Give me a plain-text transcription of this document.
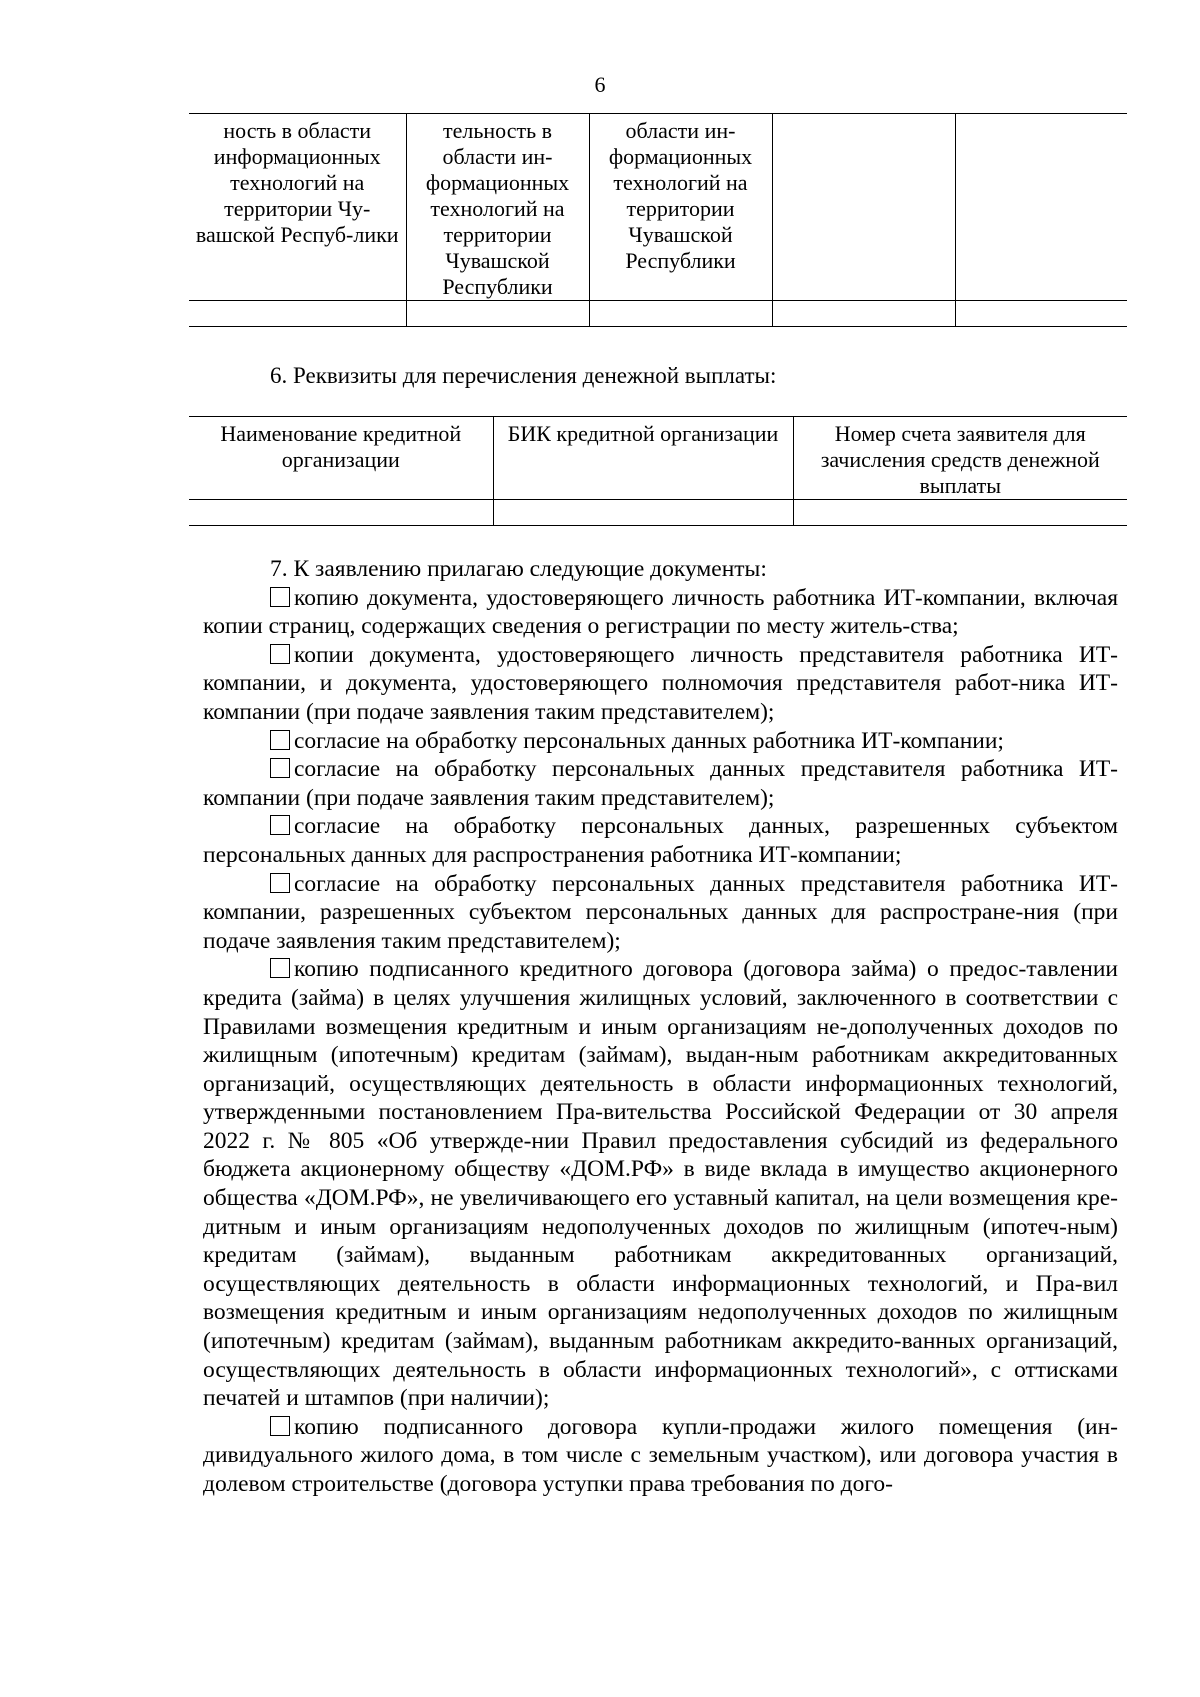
6
ность в области информационных технологий на территории Чу-вашской Респуб-лики	тельность в области ин-формационных технологий на территории Чувашской Республики	области ин-формационных технологий на территории Чувашской Республики		

6. Реквизиты для перечисления денежной выплаты:
Наименование кредитной организации	БИК кредитной организации	Номер счета заявителя для зачисления средств денежной выплаты

7. К заявлению прилагаю следующие документы:

копию документа, удостоверяющего личность работника ИТ-компании, включая копии страниц, содержащих сведения о регистрации по месту житель-ства;

копии документа, удостоверяющего личность представителя работника ИТ-компании, и документа, удостоверяющего полномочия представителя работ-ника ИТ-компании (при подаче заявления таким представителем);

согласие на обработку персональных данных работника ИТ-компании;

согласие на обработку персональных данных представителя работника ИТ-компании (при подаче заявления таким представителем);

согласие на обработку персональных данных, разрешенных субъектом персональных данных для распространения работника ИТ-компании;

согласие на обработку персональных данных представителя работника ИТ-компании, разрешенных субъектом персональных данных для распростране-ния (при подаче заявления таким представителем);

копию подписанного кредитного договора (договора займа) о предос-тавлении кредита (займа) в целях улучшения жилищных условий, заключенного в соответствии с Правилами возмещения кредитным и иным организациям не-дополученных доходов по жилищным (ипотечным) кредитам (займам), выдан-ным работникам аккредитованных организаций, осуществляющих деятельность в области информационных технологий, утвержденными постановлением Пра-вительства Российской Федерации от 30 апреля 2022 г. № 805 «Об утвержде-нии Правил предоставления субсидий из федерального бюджета акционерному обществу «ДОМ.РФ» в виде вклада в имущество акционерного общества «ДОМ.РФ», не увеличивающего его уставный капитал, на цели возмещения кре-дитным и иным организациям недополученных доходов по жилищным (ипотеч-ным) кредитам (займам), выданным работникам аккредитованных организаций, осуществляющих деятельность в области информационных технологий, и Пра-вил возмещения кредитным и иным организациям недополученных доходов по жилищным (ипотечным) кредитам (займам), выданным работникам аккредито-ванных организаций, осуществляющих деятельность в области информационных технологий», с оттисками печатей и штампов (при наличии);

копию подписанного договора купли-продажи жилого помещения (ин-дивидуального жилого дома, в том числе с земельным участком), или договора участия в долевом строительстве (договора уступки права требования по дого-
